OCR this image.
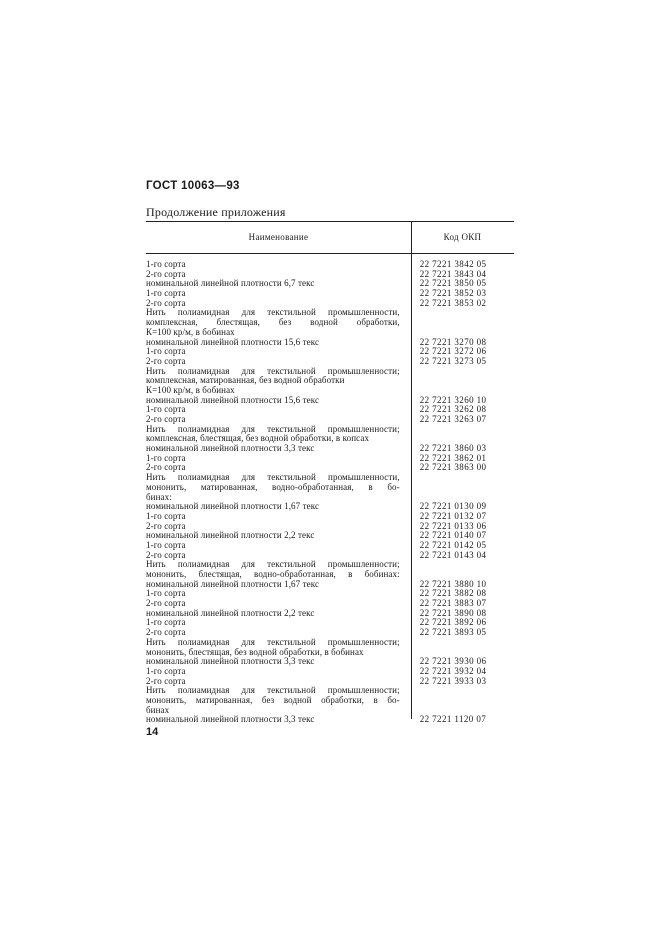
ГОСТ 10063—93
Продолжение приложения
Наименование	Код ОКП
1-го сорта	22 7221 3842 05
2-го сорта	22 7221 3843 04
номинальной линейной плотности 6,7 текс	22 7221 3850 05
1-го сорта	22 7221 3852 03
2-го сорта	22 7221 3853 02
Нить полиамидная для текстильной промышленности,
комплексная, блестящая, без водной обработки,
К=100 кр/м, в бобинах
номинальной линейной плотности 15,6 текс	22 7221 3270 08
1-го сорта	22 7221 3272 06
2-го сорта	22 7221 3273 05
Нить полиамидная для текстильной промышленности;
комплексная, матированная, без водной обработки
К=100 кр/м, в бобинах
номинальной линейной плотности 15,6 текс	22 7221 3260 10
1-го сорта	22 7221 3262 08
2-го сорта	22 7221 3263 07
Нить полиамидная для текстильной промышленности;
комплексная, блестящая, без водной обработки, в копсах
номинальной линейной плотности 3,3 текс	22 7221 3860 03
1-го сорта	22 7221 3862 01
2-го сорта	22 7221 3863 00
Нить полиамидная для текстильной промышленности,
мононить, матированная, водно-обработанная, в бо-
бинах:
номинальной линейной плотности 1,67 текс	22 7221 0130 09
1-го сорта	22 7221 0132 07
2-го сорта	22 7221 0133 06
номинальной линейной плотности 2,2 текс	22 7221 0140 07
1-го сорта	22 7221 0142 05
2-го сорта	22 7221 0143 04
Нить полиамидная для текстильной промышленности;
мононить, блестящая, водно-обработанная, в бобинах:
номинальной линейной плотности 1,67 текс	22 7221 3880 10
1-го сорта	22 7221 3882 08
2-го сорта	22 7221 3883 07
номинальной линейной плотности 2,2 текс	22 7221 3890 08
1-го сорта	22 7221 3892 06
2-го сорта	22 7221 3893 05
Нить полиамидная для текстильной промышленности;
мононить, блестящая, без водной обработки, в бобинах
номинальной линейной плотности 3,3 текс	22 7221 3930 06
1-го сорта	22 7221 3932 04
2-го сорта	22 7221 3933 03
Нить полиамидная для текстильной промышленности;
мононить, матированная, без водной обработки, в бо-
бинах
номинальной линейной плотности 3,3 текс	22 7221 1120 07
14
